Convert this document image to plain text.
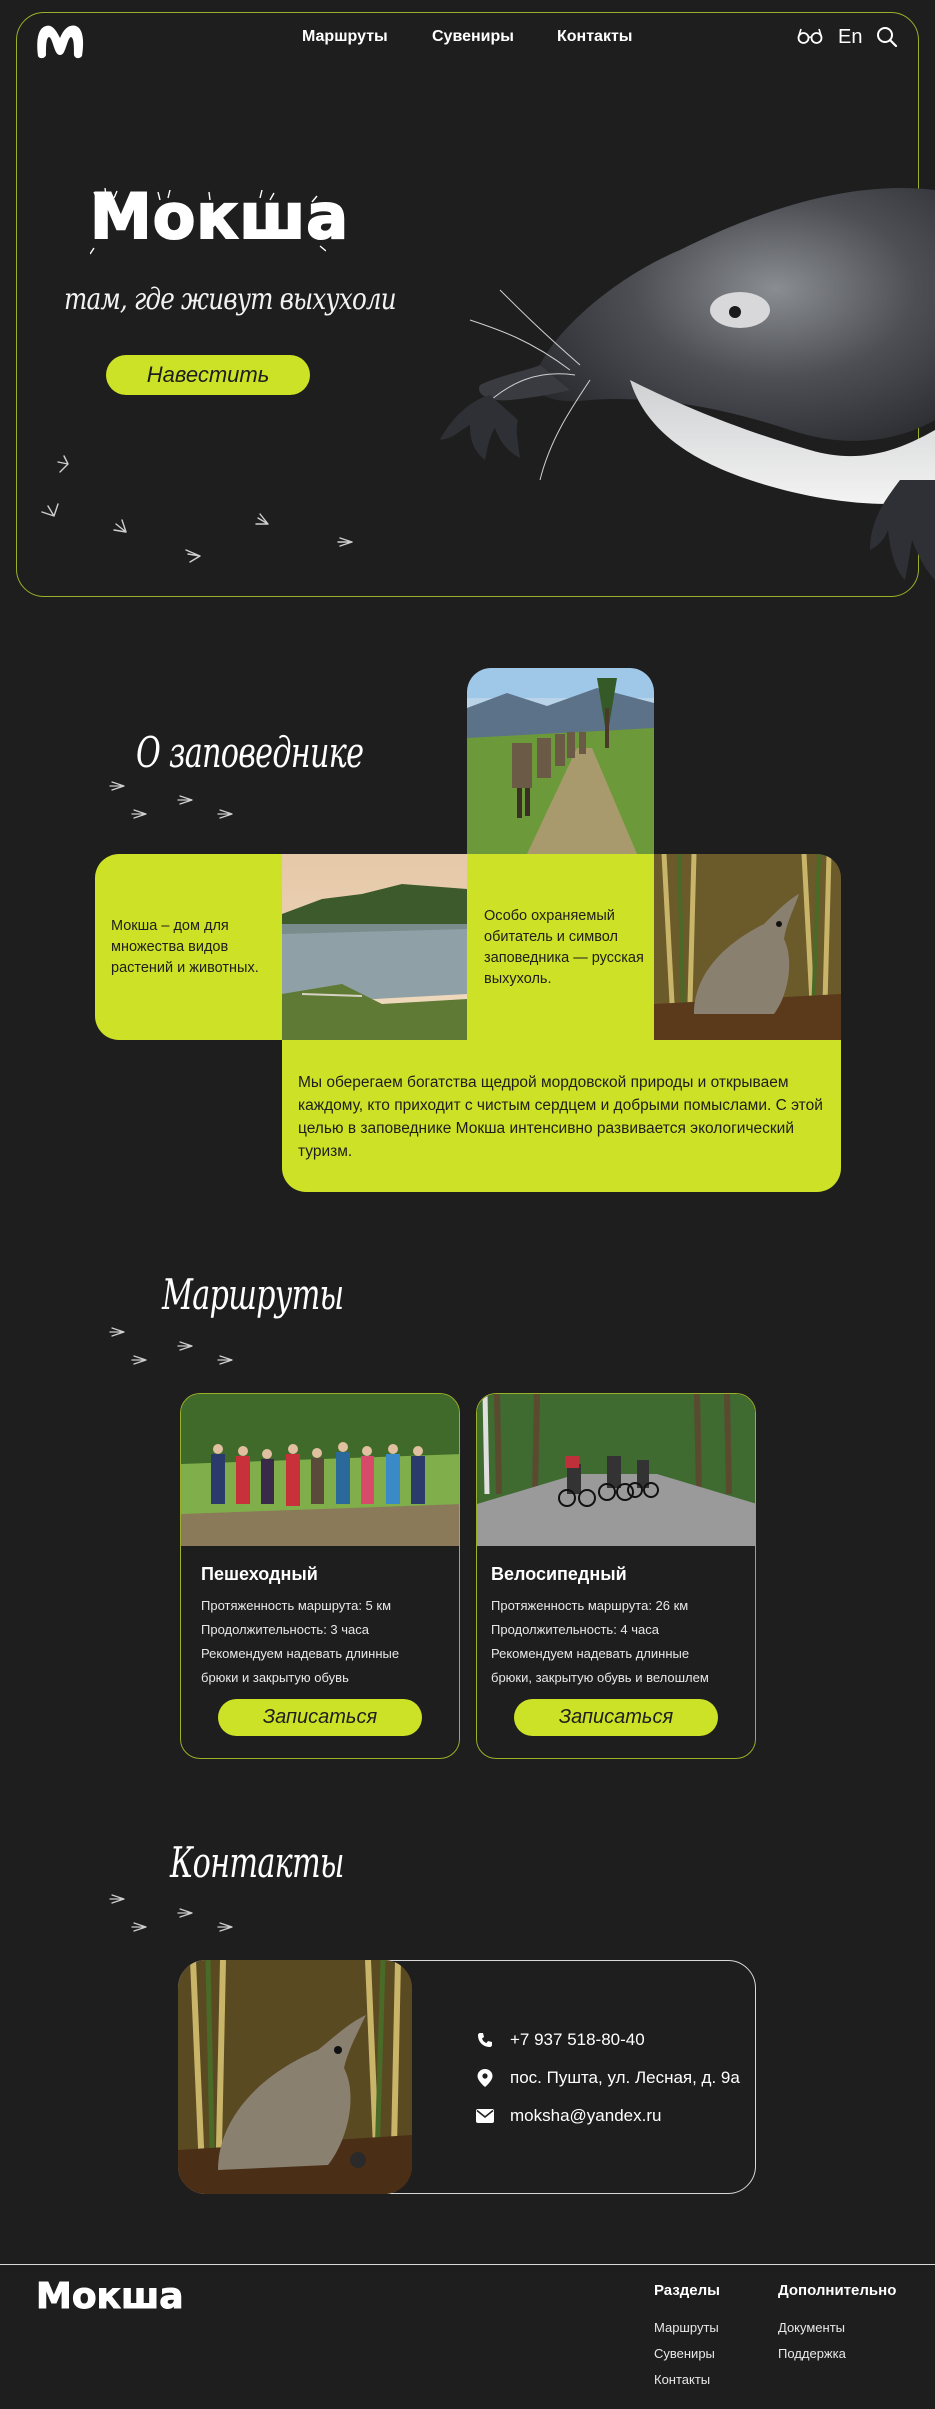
Маршруты	Сувениры	Контакты	En
Мокша
там, где живут выхухоли
Навестить
О заповеднике
Мокша – дом для множества видов растений и животных.
Особо охраняемый обитатель и символ заповедника — русская выхухоль.
Мы оберегаем богатства щедрой мордовской природы и открываем каждому, кто приходит с чистым сердцем и добрыми помыслами. С этой целью в заповеднике Мокша интенсивно развивается экологический туризм.
Маршруты
Пешеходный
Протяженность маршрута: 5 км
Продолжительность: 3 часа
Рекомендуем надевать длинные
брюки и закрытую обувь
Записаться
Велосипедный
Протяженность маршрута: 26 км
Продолжительность: 4 часа
Рекомендуем надевать длинные
брюки, закрытую обувь и велошлем
Записаться
Контакты
+7 937 518-80-40
пос. Пушта, ул. Лесная, д. 9а
moksha@yandex.ru
Мокша	Разделы
Маршруты
Сувениры
Контакты
Дополнительно
Документы
Поддержка
